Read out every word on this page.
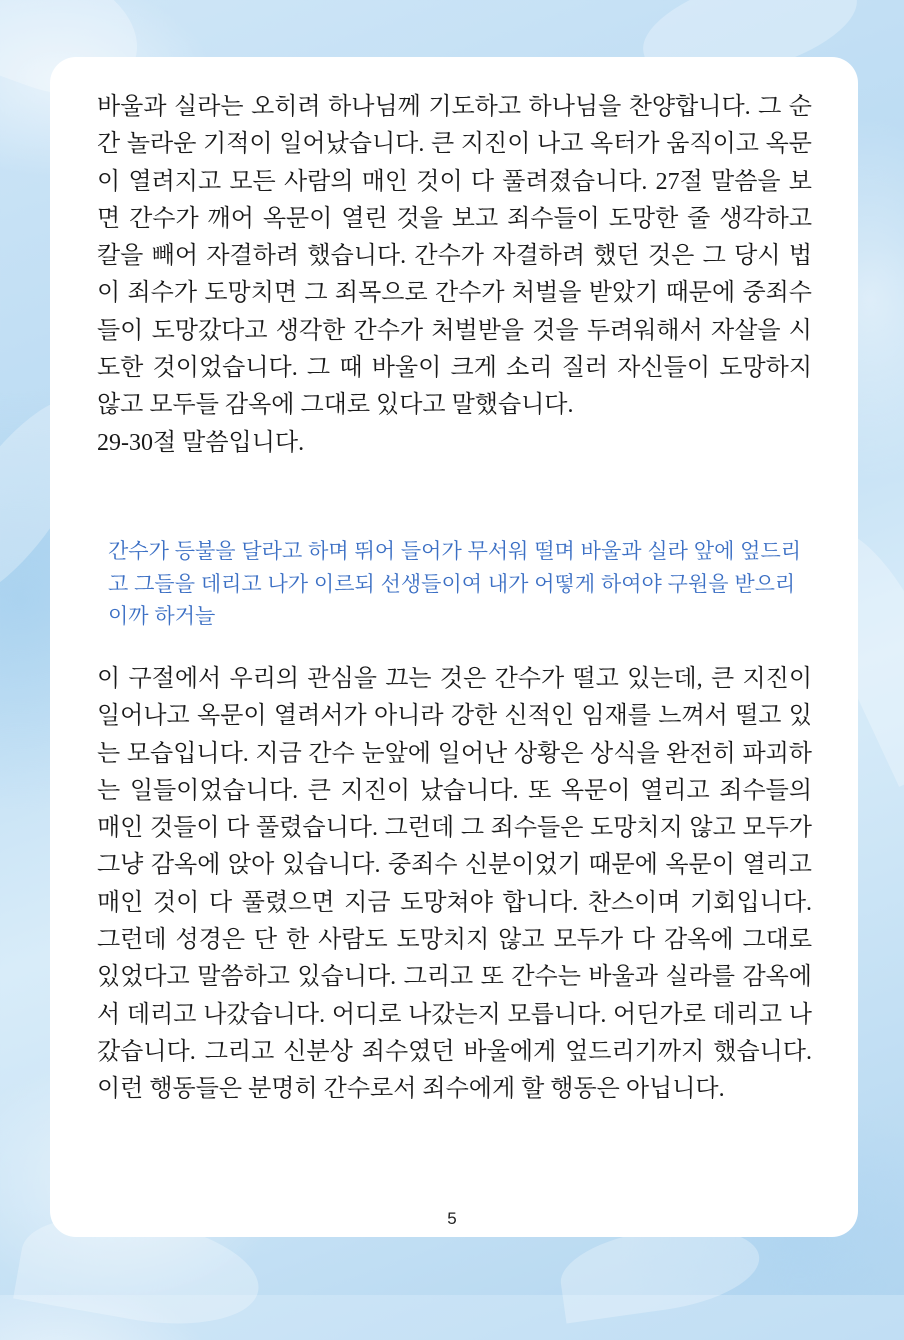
바울과 실라는 오히려 하나님께 기도하고 하나님을 찬양합니다. 그 순간 놀라운 기적이 일어났습니다. 큰 지진이 나고 옥터가 움직이고 옥문이 열려지고 모든 사람의 매인 것이 다 풀려졌습니다. 27절 말씀을 보면 간수가 깨어 옥문이 열린 것을 보고 죄수들이 도망한 줄 생각하고 칼을 빼어 자결하려 했습니다. 간수가 자결하려 했던 것은 그 당시 법이 죄수가 도망치면 그 죄목으로 간수가 처벌을 받았기 때문에 중죄수들이 도망갔다고 생각한 간수가 처벌받을 것을 두려워해서 자살을 시도한 것이었습니다. 그 때 바울이 크게 소리 질러 자신들이 도망하지 않고 모두들 감옥에 그대로 있다고 말했습니다.
29-30절 말씀입니다.

간수가 등불을 달라고 하며 뛰어 들어가 무서워 떨며 바울과 실라 앞에 엎드리고 그들을 데리고 나가 이르되 선생들이여 내가 어떻게 하여야 구원을 받으리이까 하거늘

이 구절에서 우리의 관심을 끄는 것은 간수가 떨고 있는데, 큰 지진이 일어나고 옥문이 열려서가 아니라 강한 신적인 임재를 느껴서 떨고 있는 모습입니다. 지금 간수 눈앞에 일어난 상황은 상식을 완전히 파괴하는 일들이었습니다. 큰 지진이 났습니다. 또 옥문이 열리고 죄수들의 매인 것들이 다 풀렸습니다. 그런데 그 죄수들은 도망치지 않고 모두가 그냥 감옥에 앉아 있습니다. 중죄수 신분이었기 때문에 옥문이 열리고 매인 것이 다 풀렸으면 지금 도망쳐야 합니다. 찬스이며 기회입니다. 그런데 성경은 단 한 사람도 도망치지 않고 모두가 다 감옥에 그대로 있었다고 말씀하고 있습니다. 그리고 또 간수는 바울과 실라를 감옥에서 데리고 나갔습니다. 어디로 나갔는지 모릅니다. 어딘가로 데리고 나갔습니다. 그리고 신분상 죄수였던 바울에게 엎드리기까지 했습니다. 이런 행동들은 분명히 간수로서 죄수에게 할 행동은 아닙니다.

5
